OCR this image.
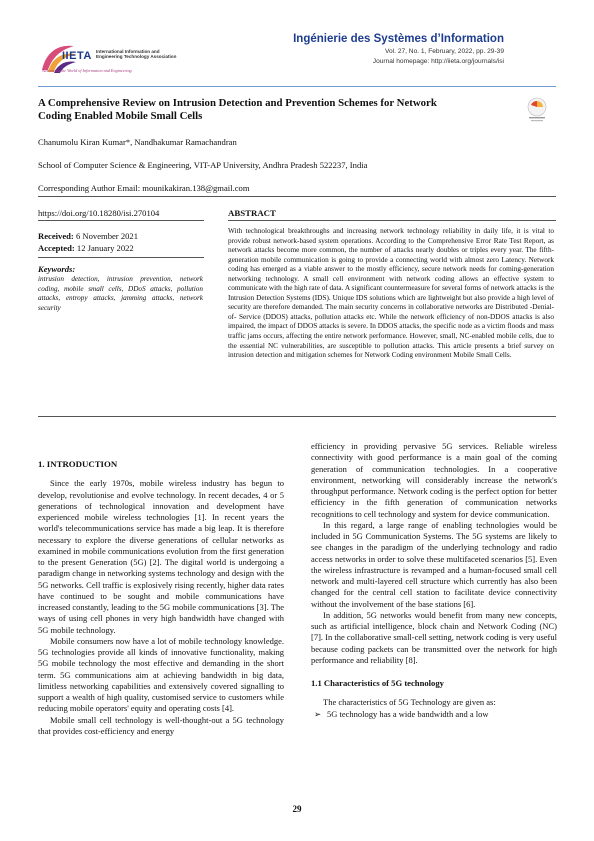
IIETA International Information and
Engineering Technology Association
Advancing the World of Information and Engineering
Ingénierie des Systèmes d’Information
Vol. 27, No. 1, February, 2022, pp. 29-39
Journal homepage: http://iieta.org/journals/isi
A Comprehensive Review on Intrusion Detection and Prevention Schemes for Network
Coding Enabled Mobile Small Cells
Chanumolu Kiran Kumar*, Nandhakumar Ramachandran
School of Computer Science & Engineering, VIT-AP University, Andhra Pradesh 522237, India
Corresponding Author Email: mounikakiran.138@gmail.com
https://doi.org/10.18280/isi.270104	ABSTRACT
Received: 6 November 2021
Accepted: 12 January 2022
Keywords:
intrusion detection, intrusion prevention, network coding, mobile small cells, DDoS attacks, pollution attacks, entropy attacks, jamming attacks, network security
With technological breakthroughs and increasing network technology reliability in daily life, it is vital to provide robust network-based system operations. According to the Comprehensive Error Rate Test Report, as network attacks become more common, the number of attacks nearly doubles or triples every year. The fifth-generation mobile communication is going to provide a connecting world with almost zero Latency. Network coding has emerged as a viable answer to the mostly efficiency, secure network needs for coming-generation networking technology. A small cell environment with network coding allows an effective system to communicate with the high rate of data. A significant countermeasure for several forms of network attacks is the Intrusion Detection Systems (IDS). Unique IDS solutions which are lightweight but also provide a high level of security are therefore demanded. The main security concerns in collaborative networks are Distributed -Denial- of- Service (DDOS) attacks, pollution attacks etc. While the network efficiency of non-DDOS attacks is also impaired, the impact of DDOS attacks is severe. In DDOS attacks, the specific node as a victim floods and mass traffic jams occurs, affecting the entire network performance. However, small, NC-enabled mobile cells, due to the essential NC vulnerabilities, are susceptible to pollution attacks. This article presents a brief survey on intrusion detection and mitigation schemes for Network Coding environment Mobile Small Cells.

1. INTRODUCTION

Since the early 1970s, mobile wireless industry has begun to develop, revolutionise and evolve technology. In recent decades, 4 or 5 generations of technological innovation and development have experienced mobile wireless technologies [1]. In recent years the world's telecommunications service has made a big leap. It is therefore necessary to explore the diverse generations of cellular networks as examined in mobile communications evolution from the first generation to the present Generation (5G) [2]. The digital world is undergoing a paradigm change in networking systems technology and design with the 5G networks. Cell traffic is explosively rising recently, higher data rates have continued to be sought and mobile communications have increased constantly, leading to the 5G mobile communications [3]. The ways of using cell phones in very high bandwidth have changed with 5G mobile technology.

Mobile consumers now have a lot of mobile technology knowledge. 5G technologies provide all kinds of innovative functionality, making 5G mobile technology the most effective and demanding in the short term. 5G communications aim at achieving bandwidth in big data, limitless networking capabilities and extensively covered signalling to support a wealth of high quality, customised service to customers while reducing mobile operators' equity and operating costs [4].

Mobile small cell technology is well-thought-out a 5G technology that provides cost-efficiency and energy

efficiency in providing pervasive 5G services. Reliable wireless connectivity with good performance is a main goal of the coming generation of communication technologies. In a cooperative environment, networking will considerably increase the network's throughput performance. Network coding is the perfect option for better efficiency in the fifth generation of communication networks recognitions to cell technology and system for device communication.

In this regard, a large range of enabling technologies would be included in 5G Communication Systems. The 5G systems are likely to see changes in the paradigm of the underlying technology and radio access networks in order to solve these multifaceted scenarios [5]. Even the wireless infrastructure is revamped and a human-focused small cell network and multi-layered cell structure which currently has also been changed for the central cell station to facilitate device connectivity without the involvement of the base stations [6].

In addition, 5G networks would benefit from many new concepts, such as artificial intelligence, block chain and Network Coding (NC) [7]. In the collaborative small-cell setting, network coding is very useful because coding packets can be transmitted over the network for high performance and reliability [8].

1.1 Characteristics of 5G technology

The characteristics of 5G Technology are given as:

➢ 5G technology has a wide bandwidth and a low

29
